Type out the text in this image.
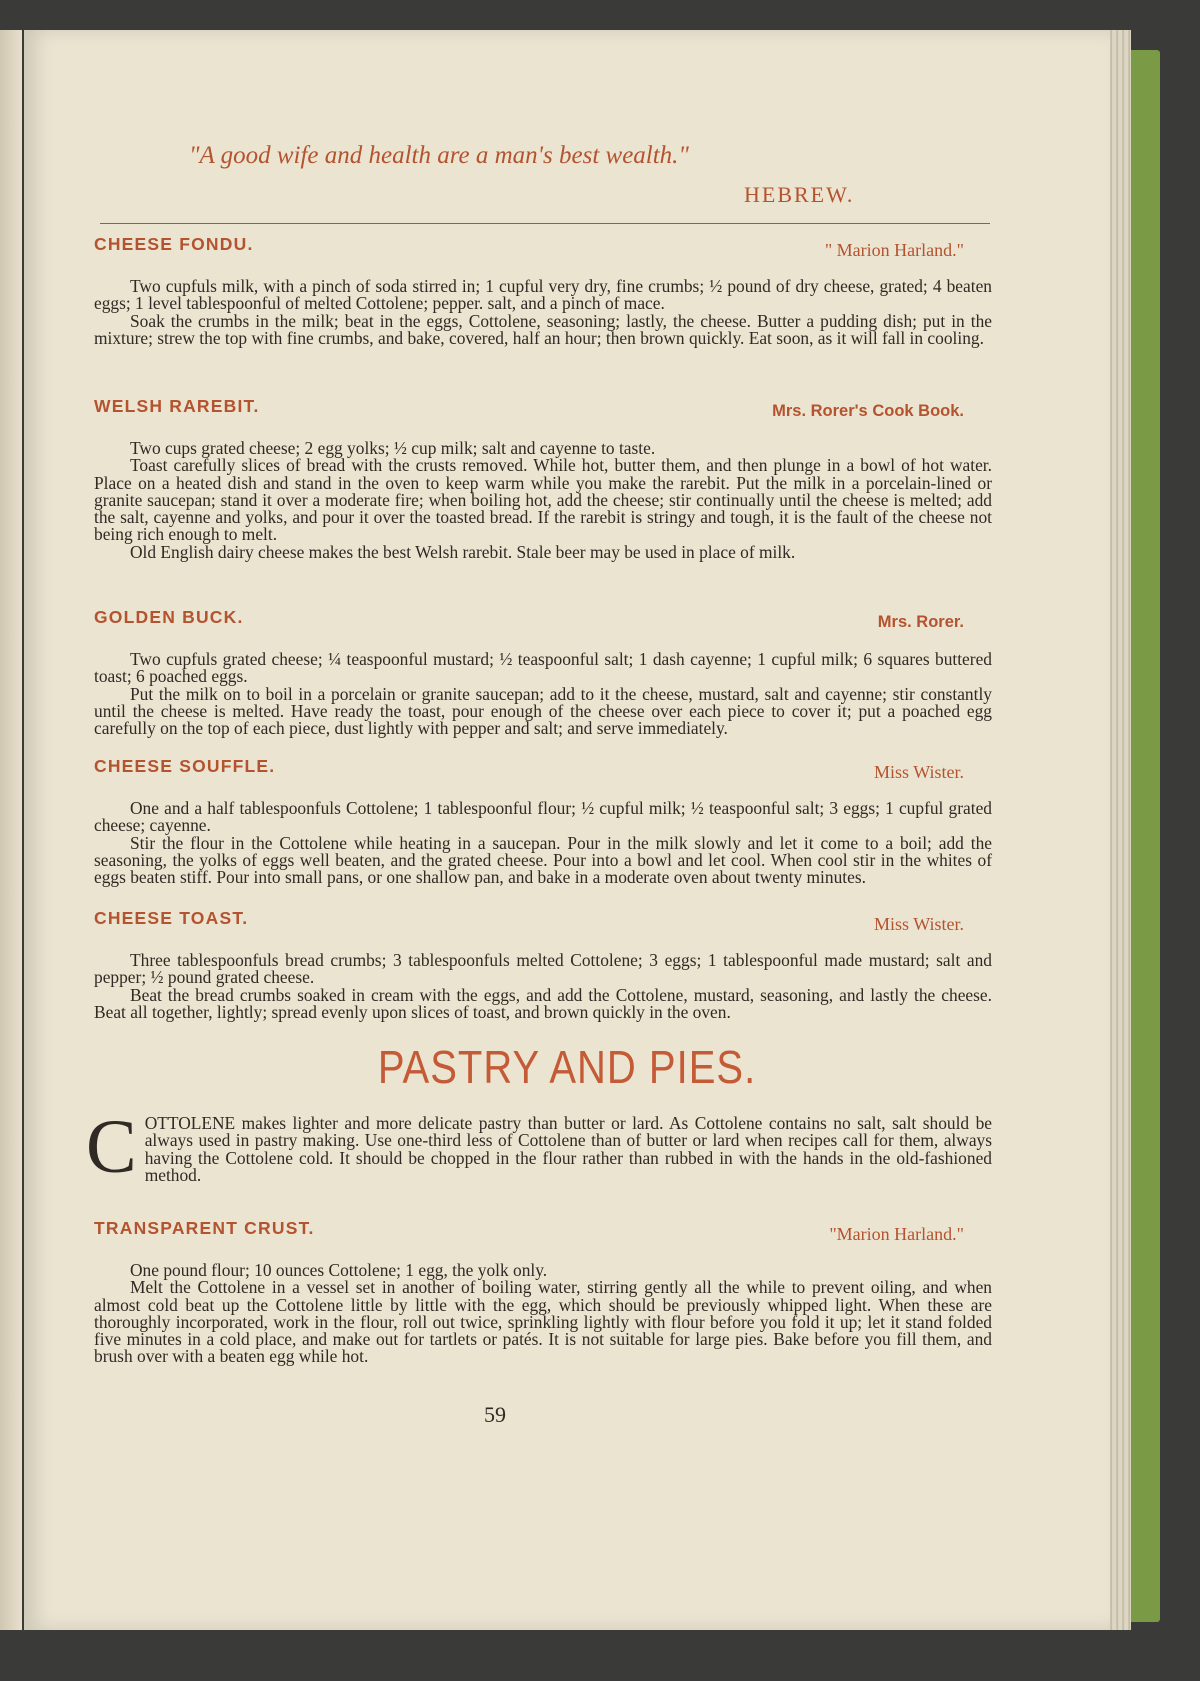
"A good wife and health are a man's best wealth."
HEBREW.
CHEESE FONDU.	" Marion Harland."

Two cupfuls milk, with a pinch of soda stirred in; 1 cupful very dry, fine crumbs; ½ pound of dry cheese, grated; 4 beaten eggs; 1 level tablespoonful of melted Cottolene; pepper. salt, and a pinch of mace.

Soak the crumbs in the milk; beat in the eggs, Cottolene, seasoning; lastly, the cheese. Butter a pudding dish; put in the mixture; strew the top with fine crumbs, and bake, covered, half an hour; then brown quickly. Eat soon, as it will fall in cooling.

WELSH RAREBIT.	Mrs. Rorer's Cook Book.

Two cups grated cheese; 2 egg yolks; ½ cup milk; salt and cayenne to taste.

Toast carefully slices of bread with the crusts removed. While hot, butter them, and then plunge in a bowl of hot water. Place on a heated dish and stand in the oven to keep warm while you make the rarebit. Put the milk in a porcelain-lined or granite saucepan; stand it over a moderate fire; when boiling hot, add the cheese; stir continually until the cheese is melted; add the salt, cayenne and yolks, and pour it over the toasted bread. If the rarebit is stringy and tough, it is the fault of the cheese not being rich enough to melt.

Old English dairy cheese makes the best Welsh rarebit. Stale beer may be used in place of milk.

GOLDEN BUCK.	Mrs. Rorer.

Two cupfuls grated cheese; ¼ teaspoonful mustard; ½ teaspoonful salt; 1 dash cayenne; 1 cupful milk; 6 squares buttered toast; 6 poached eggs.

Put the milk on to boil in a porcelain or granite saucepan; add to it the cheese, mustard, salt and cayenne; stir constantly until the cheese is melted. Have ready the toast, pour enough of the cheese over each piece to cover it; put a poached egg carefully on the top of each piece, dust lightly with pepper and salt; and serve immediately.

CHEESE SOUFFLE.	Miss Wister.

One and a half tablespoonfuls Cottolene; 1 tablespoonful flour; ½ cupful milk; ½ teaspoonful salt; 3 eggs; 1 cupful grated cheese; cayenne.

Stir the flour in the Cottolene while heating in a saucepan. Pour in the milk slowly and let it come to a boil; add the seasoning, the yolks of eggs well beaten, and the grated cheese. Pour into a bowl and let cool. When cool stir in the whites of eggs beaten stiff. Pour into small pans, or one shallow pan, and bake in a moderate oven about twenty minutes.

CHEESE TOAST.	Miss Wister.

Three tablespoonfuls bread crumbs; 3 tablespoonfuls melted Cottolene; 3 eggs; 1 tablespoonful made mustard; salt and pepper; ½ pound grated cheese.

Beat the bread crumbs soaked in cream with the eggs, and add the Cottolene, mustard, seasoning, and lastly the cheese. Beat all together, lightly; spread evenly upon slices of toast, and brown quickly in the oven.

PASTRY AND PIES.
C OTTOLENE makes lighter and more delicate pastry than butter or lard. As Cottolene contains no salt, salt should be always used in pastry making. Use one-third less of Cottolene than of butter or lard when recipes call for them, always having the Cottolene cold. It should be chopped in the flour rather than rubbed in with the hands in the old-fashioned method.

TRANSPARENT CRUST.	"Marion Harland."

One pound flour; 10 ounces Cottolene; 1 egg, the yolk only.

Melt the Cottolene in a vessel set in another of boiling water, stirring gently all the while to prevent oiling, and when almost cold beat up the Cottolene little by little with the egg, which should be previously whipped light. When these are thoroughly incorporated, work in the flour, roll out twice, sprinkling lightly with flour before you fold it up; let it stand folded five minutes in a cold place, and make out for tartlets or patés. It is not suitable for large pies. Bake before you fill them, and brush over with a beaten egg while hot.

59
